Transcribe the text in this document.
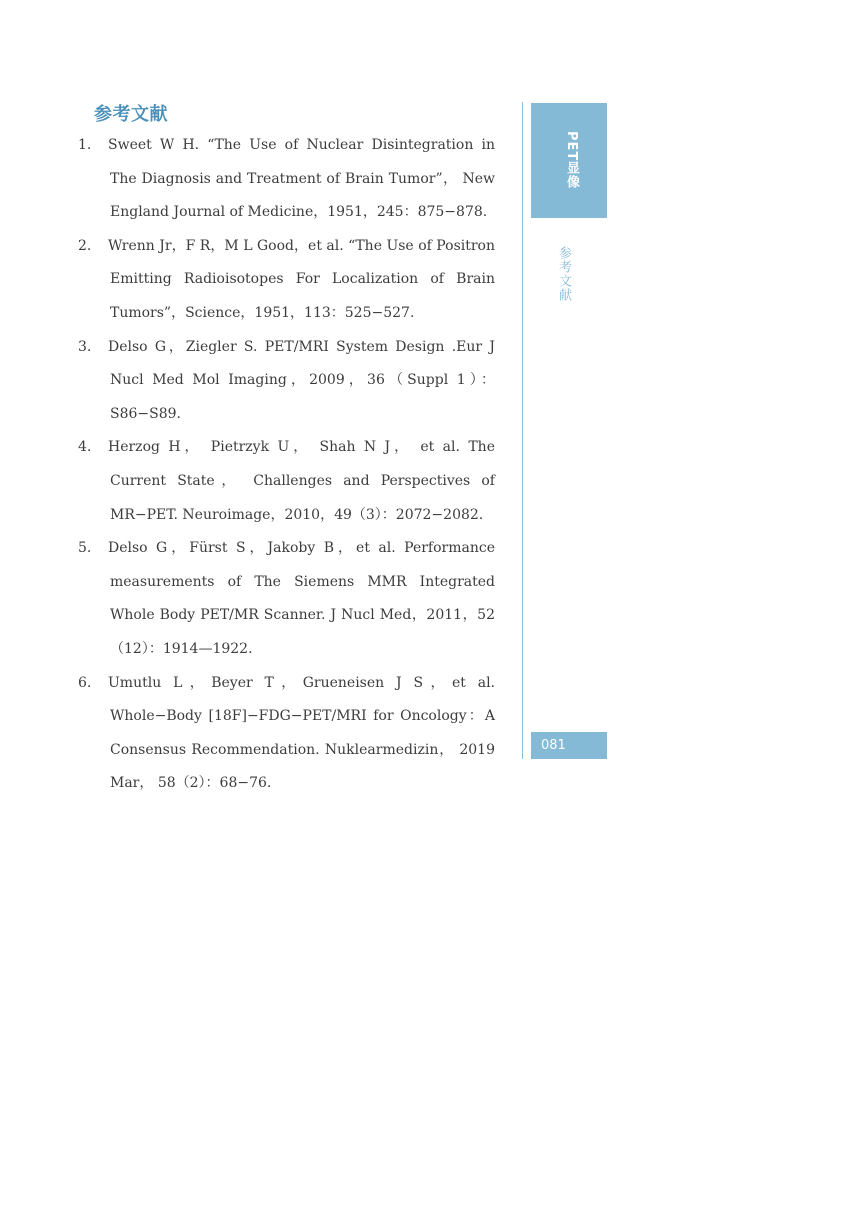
参考文献
1. Sweet W H. “The Use of Nuclear Disintegration in The Diagnosis and Treatment of Brain Tumor”， New England Journal of Medicine，1951，245：875−878.
2. Wrenn Jr，F R，M L Good，et al. “The Use of Positron Emitting Radioisotopes For Localization of Brain Tumors”，Science，1951，113：525−527.
3. Delso G，Ziegler S. PET/MRI System Design .Eur J Nucl Med Mol Imaging，2009，36（Suppl 1）：S86−S89.
4. Herzog H， Pietrzyk U， Shah N J， et al. The Current State， Challenges and Perspectives of MR−PET. Neuroimage，2010，49（3）：2072−2082.
5. Delso G，Fürst S，Jakoby B，et al. Performance measurements of The Siemens MMR Integrated Whole Body PET/MR Scanner. J Nucl Med，2011，52（12）：1914—1922.
6. Umutlu L，Beyer T，Grueneisen J S，et al. Whole−Body [18F]−FDG−PET/MRI for Oncology：A Consensus Recommendation. Nuklearmedizin， 2019 Mar， 58（2）：68−76.
PET显像
参考文献
081
